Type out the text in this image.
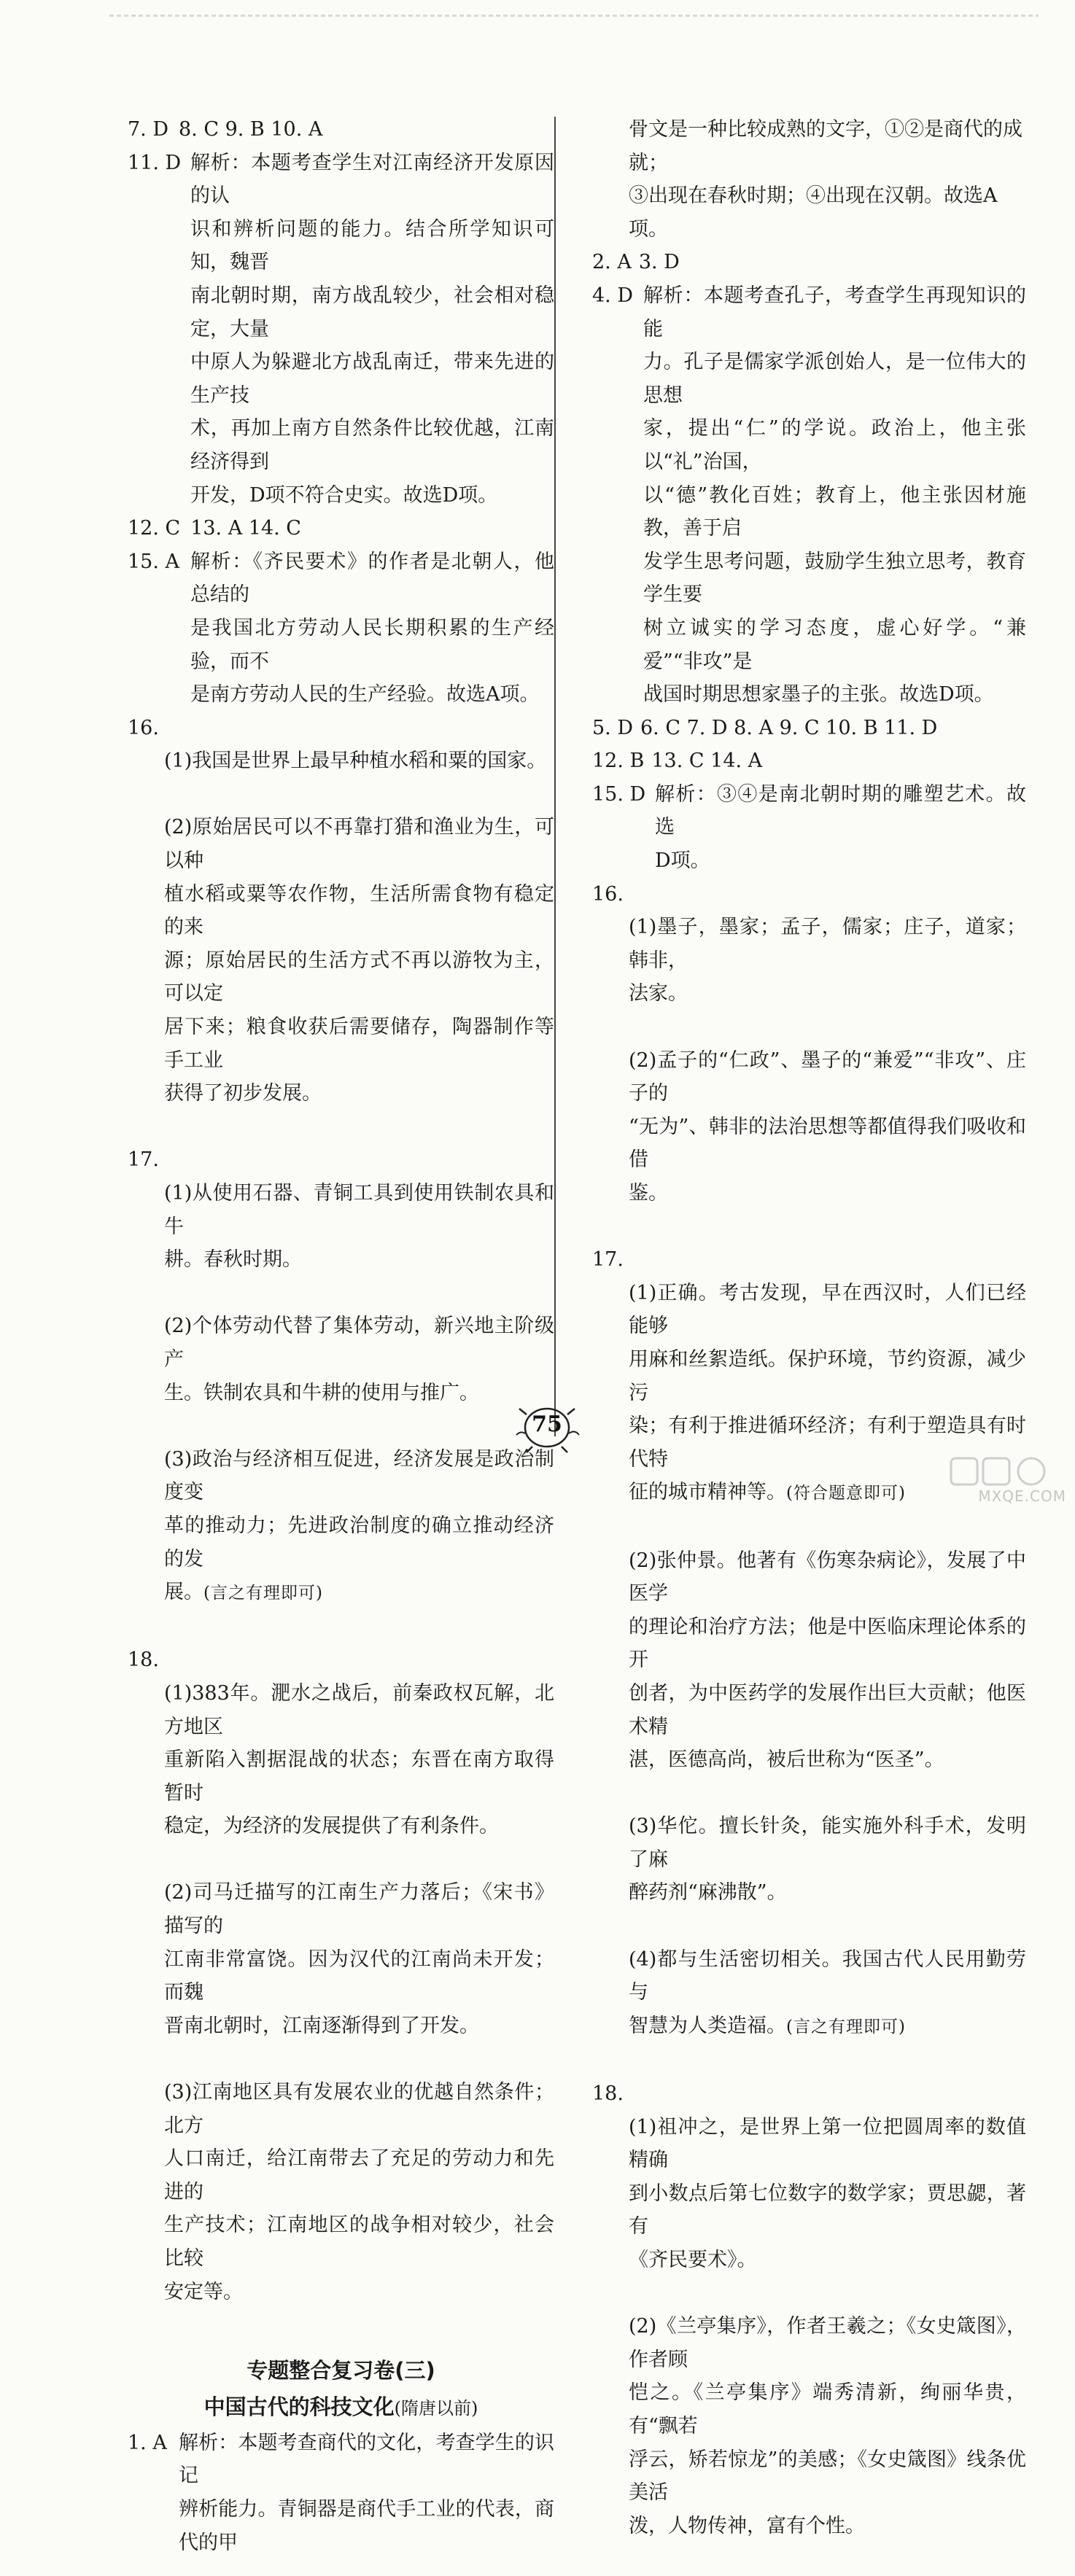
7. D 8. C 9. B 10. A

11. D 解析：本题考查学生对江南经济开发原因的认
识和辨析问题的能力。结合所学知识可知，魏晋
南北朝时期，南方战乱较少，社会相对稳定，大量
中原人为躲避北方战乱南迁，带来先进的生产技
术，再加上南方自然条件比较优越，江南经济得到
开发，D项不符合史实。故选D项。

12. C 13. A 14. C

15. A 解析：《齐民要术》的作者是北朝人，他总结的
是我国北方劳动人民长期积累的生产经验，而不
是南方劳动人民的生产经验。故选A项。

16.

(1)我国是世界上最早种植水稻和粟的国家。

(2)原始居民可以不再靠打猎和渔业为生，可以种
植水稻或粟等农作物，生活所需食物有稳定的来
源；原始居民的生活方式不再以游牧为主，可以定
居下来；粮食收获后需要储存，陶器制作等手工业
获得了初步发展。

17.

(1)从使用石器、青铜工具到使用铁制农具和牛
耕。春秋时期。

(2)个体劳动代替了集体劳动，新兴地主阶级产
生。铁制农具和牛耕的使用与推广。

(3)政治与经济相互促进，经济发展是政治制度变
革的推动力；先进政治制度的确立推动经济的发
展。(言之有理即可)

18.

(1)383年。淝水之战后，前秦政权瓦解，北方地区
重新陷入割据混战的状态；东晋在南方取得暂时
稳定，为经济的发展提供了有利条件。

(2)司马迁描写的江南生产力落后；《宋书》描写的
江南非常富饶。因为汉代的江南尚未开发；而魏
晋南北朝时，江南逐渐得到了开发。

(3)江南地区具有发展农业的优越自然条件；北方
人口南迁，给江南带去了充足的劳动力和先进的
生产技术；江南地区的战争相对较少，社会比较
安定等。

专题整合复习卷(三)
中国古代的科技文化(隋唐以前)
1. A 解析：本题考查商代的文化，考查学生的识记
辨析能力。青铜器是商代手工业的代表，商代的甲

骨文是一种比较成熟的文字，①②是商代的成就；
③出现在春秋时期；④出现在汉朝。故选A项。
2. A 3. D

4. D 解析：本题考查孔子，考查学生再现知识的能
力。孔子是儒家学派创始人，是一位伟大的思想
家，提出“仁”的学说。政治上，他主张以“礼”治国，
以“德”教化百姓；教育上，他主张因材施教，善于启
发学生思考问题，鼓励学生独立思考，教育学生要
树立诚实的学习态度，虚心好学。“兼爱”“非攻”是
战国时期思想家墨子的主张。故选D项。

5. D 6. C 7. D 8. A 9. C 10. B 11. D

12. B 13. C 14. A

15. D 解析：③④是南北朝时期的雕塑艺术。故选
D项。

16.

(1)墨子，墨家；孟子，儒家；庄子，道家；韩非，
法家。

(2)孟子的“仁政”、墨子的“兼爱”“非攻”、庄子的
“无为”、韩非的法治思想等都值得我们吸收和借
鉴。

17.

(1)正确。考古发现，早在西汉时，人们已经能够
用麻和丝絮造纸。保护环境，节约资源，减少污
染；有利于推进循环经济；有利于塑造具有时代特
征的城市精神等。(符合题意即可)

(2)张仲景。他著有《伤寒杂病论》，发展了中医学
的理论和治疗方法；他是中医临床理论体系的开
创者，为中医药学的发展作出巨大贡献；他医术精
湛，医德高尚，被后世称为“医圣”。

(3)华佗。擅长针灸，能实施外科手术，发明了麻
醉药剂“麻沸散”。

(4)都与生活密切相关。我国古代人民用勤劳与
智慧为人类造福。(言之有理即可)

18.

(1)祖冲之，是世界上第一位把圆周率的数值精确
到小数点后第七位数字的数学家；贾思勰，著有
《齐民要术》。

(2)《兰亭集序》，作者王羲之；《女史箴图》，作者顾
恺之。《兰亭集序》端秀清新，绚丽华贵，有“飘若
浮云，矫若惊龙”的美感；《女史箴图》线条优美活
泼，人物传神，富有个性。

75
MXQE.COM
